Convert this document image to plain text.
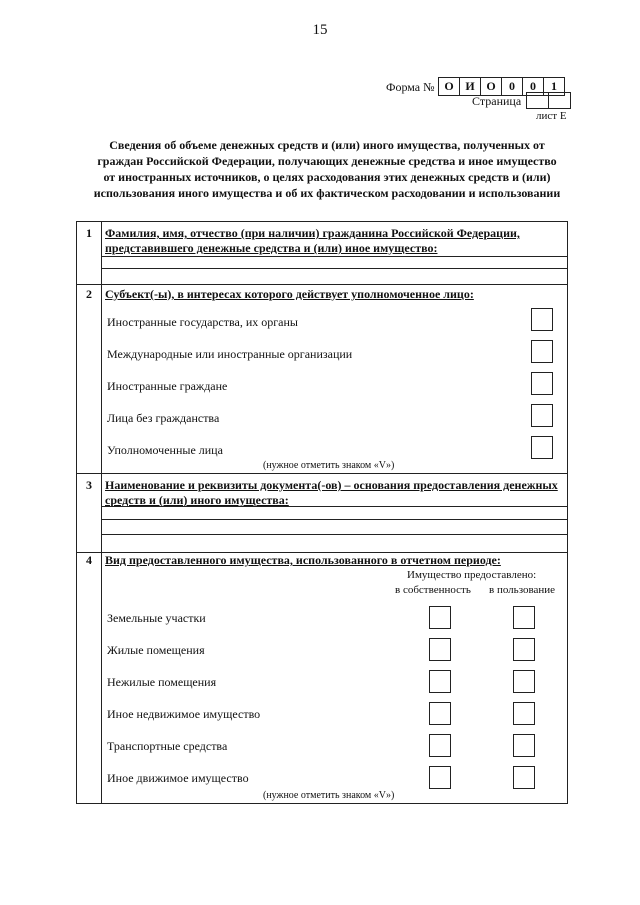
15
Форма № О И О	0	0	1
Страница
лист Е
Сведения об объеме денежных средств и (или) иного имущества, полученных от граждан Российской Федерации, получающих денежные средства и иное имущество от иностранных источников, о целях расходования этих денежных средств и (или) использования иного имущества и об их фактическом расходовании и использовании
1	Фамилия, имя, отчество (при наличии) гражданина Российской Федерации, представившего денежные средства и (или) иное имущество:
2	Субъект(-ы), в интересах которого действует уполномоченное лицо:
Иностранные государства, их органы
Международные или иностранные организации
Иностранные граждане
Лица без гражданства
Уполномоченные лица
(нужное отметить знаком «V»)
3	Наименование и реквизиты документа(-ов) – основания предоставления денежных средств и (или) иного имущества:
4	Вид предоставленного имущества, использованного в отчетном периоде:
Имущество предоставлено:
в собственность в пользование
Земельные участки
Жилые помещения
Нежилые помещения
Иное недвижимое имущество
Транспортные средства
Иное движимое имущество
(нужное отметить знаком «V»)
